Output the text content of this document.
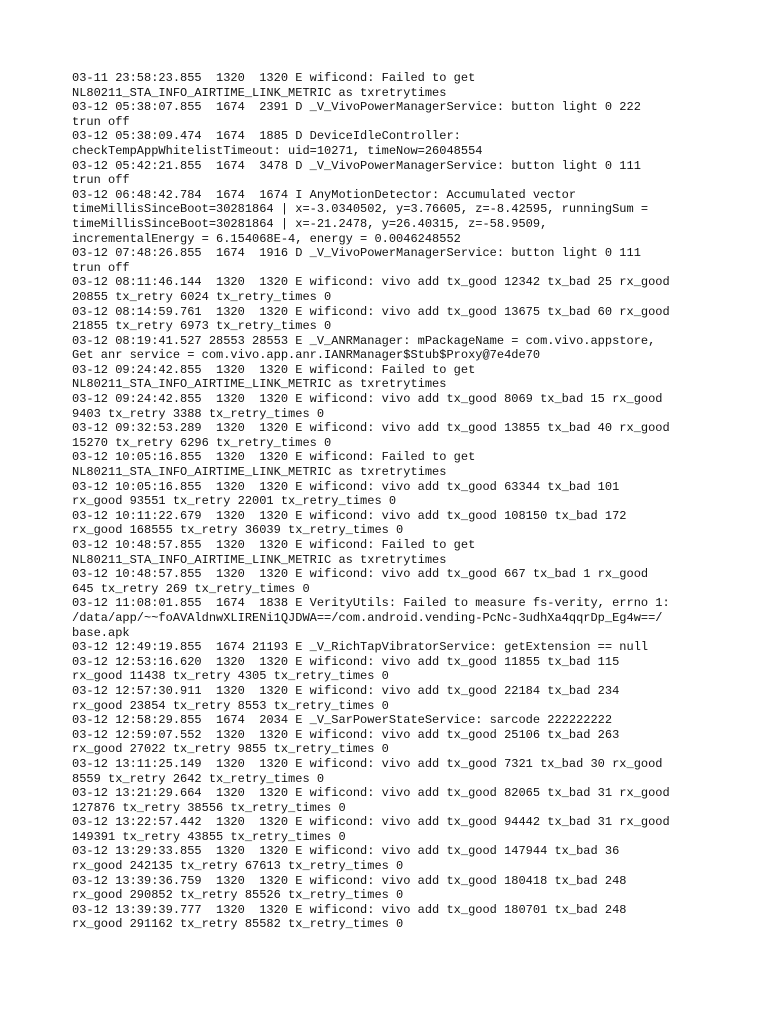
03-11 23:58:23.855  1320  1320 E wificond: Failed to get
NL80211_STA_INFO_AIRTIME_LINK_METRIC as txretrytimes
03-12 05:38:07.855  1674  2391 D _V_VivoPowerManagerService: button light 0 222
trun off
03-12 05:38:09.474  1674  1885 D DeviceIdleController:
checkTempAppWhitelistTimeout: uid=10271, timeNow=26048554
03-12 05:42:21.855  1674  3478 D _V_VivoPowerManagerService: button light 0 111
trun off
03-12 06:48:42.784  1674  1674 I AnyMotionDetector: Accumulated vector
timeMillisSinceBoot=30281864 | x=-3.0340502, y=3.76605, z=-8.42595, runningSum =
timeMillisSinceBoot=30281864 | x=-21.2478, y=26.40315, z=-58.9509,
incrementalEnergy = 6.154068E-4, energy = 0.0046248552
03-12 07:48:26.855  1674  1916 D _V_VivoPowerManagerService: button light 0 111
trun off
03-12 08:11:46.144  1320  1320 E wificond: vivo add tx_good 12342 tx_bad 25 rx_good
20855 tx_retry 6024 tx_retry_times 0
03-12 08:14:59.761  1320  1320 E wificond: vivo add tx_good 13675 tx_bad 60 rx_good
21855 tx_retry 6973 tx_retry_times 0
03-12 08:19:41.527 28553 28553 E _V_ANRManager: mPackageName = com.vivo.appstore,
Get anr service = com.vivo.app.anr.IANRManager$Stub$Proxy@7e4de70
03-12 09:24:42.855  1320  1320 E wificond: Failed to get
NL80211_STA_INFO_AIRTIME_LINK_METRIC as txretrytimes
03-12 09:24:42.855  1320  1320 E wificond: vivo add tx_good 8069 tx_bad 15 rx_good
9403 tx_retry 3388 tx_retry_times 0
03-12 09:32:53.289  1320  1320 E wificond: vivo add tx_good 13855 tx_bad 40 rx_good
15270 tx_retry 6296 tx_retry_times 0
03-12 10:05:16.855  1320  1320 E wificond: Failed to get
NL80211_STA_INFO_AIRTIME_LINK_METRIC as txretrytimes
03-12 10:05:16.855  1320  1320 E wificond: vivo add tx_good 63344 tx_bad 101
rx_good 93551 tx_retry 22001 tx_retry_times 0
03-12 10:11:22.679  1320  1320 E wificond: vivo add tx_good 108150 tx_bad 172
rx_good 168555 tx_retry 36039 tx_retry_times 0
03-12 10:48:57.855  1320  1320 E wificond: Failed to get
NL80211_STA_INFO_AIRTIME_LINK_METRIC as txretrytimes
03-12 10:48:57.855  1320  1320 E wificond: vivo add tx_good 667 tx_bad 1 rx_good
645 tx_retry 269 tx_retry_times 0
03-12 11:08:01.855  1674  1838 E VerityUtils: Failed to measure fs-verity, errno 1:
/data/app/~~foAVAldnwXLIRENi1QJDWA==/com.android.vending-PcNc-3udhXa4qqrDp_Eg4w==/
base.apk
03-12 12:49:19.855  1674 21193 E _V_RichTapVibratorService: getExtension == null
03-12 12:53:16.620  1320  1320 E wificond: vivo add tx_good 11855 tx_bad 115
rx_good 11438 tx_retry 4305 tx_retry_times 0
03-12 12:57:30.911  1320  1320 E wificond: vivo add tx_good 22184 tx_bad 234
rx_good 23854 tx_retry 8553 tx_retry_times 0
03-12 12:58:29.855  1674  2034 E _V_SarPowerStateService: sarcode 222222222
03-12 12:59:07.552  1320  1320 E wificond: vivo add tx_good 25106 tx_bad 263
rx_good 27022 tx_retry 9855 tx_retry_times 0
03-12 13:11:25.149  1320  1320 E wificond: vivo add tx_good 7321 tx_bad 30 rx_good
8559 tx_retry 2642 tx_retry_times 0
03-12 13:21:29.664  1320  1320 E wificond: vivo add tx_good 82065 tx_bad 31 rx_good
127876 tx_retry 38556 tx_retry_times 0
03-12 13:22:57.442  1320  1320 E wificond: vivo add tx_good 94442 tx_bad 31 rx_good
149391 tx_retry 43855 tx_retry_times 0
03-12 13:29:33.855  1320  1320 E wificond: vivo add tx_good 147944 tx_bad 36
rx_good 242135 tx_retry 67613 tx_retry_times 0
03-12 13:39:36.759  1320  1320 E wificond: vivo add tx_good 180418 tx_bad 248
rx_good 290852 tx_retry 85526 tx_retry_times 0
03-12 13:39:39.777  1320  1320 E wificond: vivo add tx_good 180701 tx_bad 248
rx_good 291162 tx_retry 85582 tx_retry_times 0
